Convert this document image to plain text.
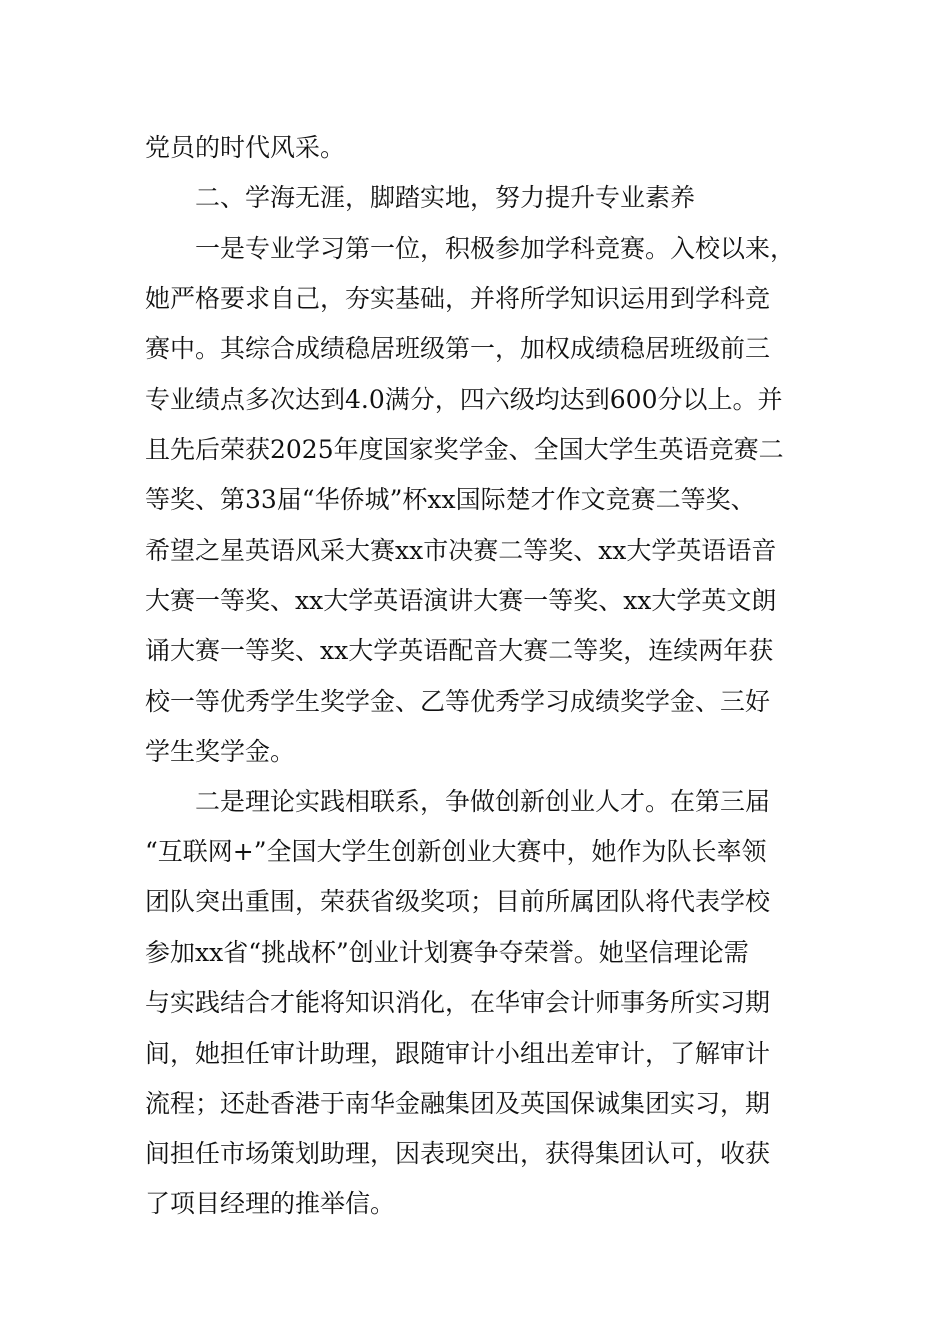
党员的时代风采。
二、学海无涯，脚踏实地，努力提升专业素养
一是专业学习第一位，积极参加学科竞赛。入校以来，
她严格要求自己，夯实基础，并将所学知识运用到学科竞
赛中。其综合成绩稳居班级第一，加权成绩稳居班级前三
专业绩点多次达到4.0满分，四六级均达到600分以上。并
且先后荣获2025年度国家奖学金、全国大学生英语竞赛二
等奖、第33届“华侨城”杯xx国际楚才作文竞赛二等奖、
希望之星英语风采大赛xx市决赛二等奖、xx大学英语语音
大赛一等奖、xx大学英语演讲大赛一等奖、xx大学英文朗
诵大赛一等奖、xx大学英语配音大赛二等奖，连续两年获
校一等优秀学生奖学金、乙等优秀学习成绩奖学金、三好
学生奖学金。
二是理论实践相联系，争做创新创业人才。在第三届
“互联网+”全国大学生创新创业大赛中，她作为队长率领
团队突出重围，荣获省级奖项；目前所属团队将代表学校
参加xx省“挑战杯”创业计划赛争夺荣誉。她坚信理论需
与实践结合才能将知识消化，在华审会计师事务所实习期
间，她担任审计助理，跟随审计小组出差审计，了解审计
流程；还赴香港于南华金融集团及英国保诚集团实习，期
间担任市场策划助理，因表现突出，获得集团认可，收获
了项目经理的推举信。
